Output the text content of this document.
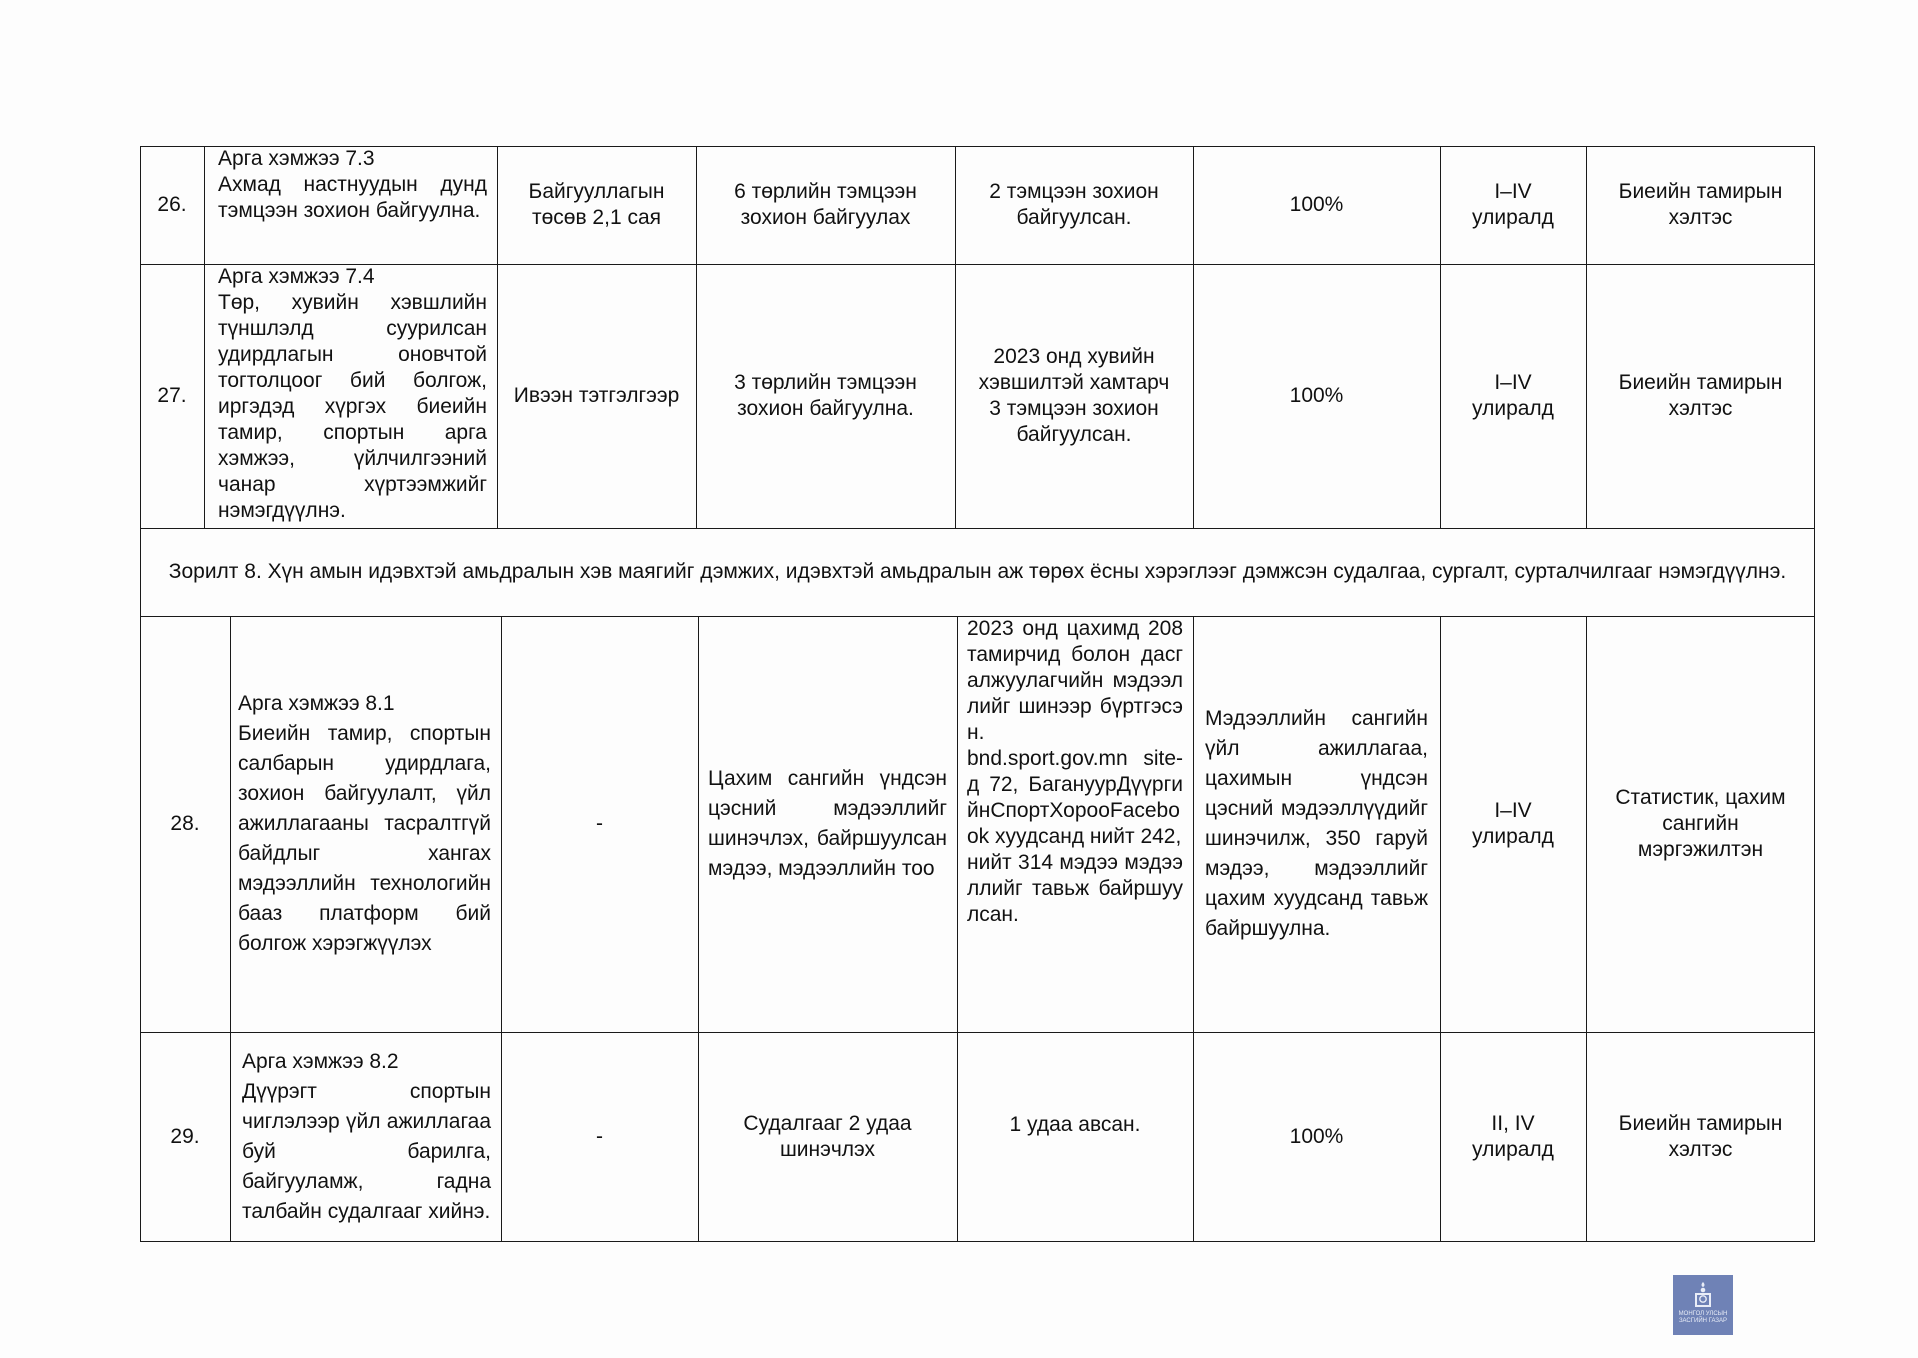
26.
Арга хэмжээ 7.3
Ахмад настнуудын дунд тэмцээн зохион байгуулна.
Байгууллагын төсөв 2,1 сая
6 төрлийн тэмцээн зохион байгуулах
2 тэмцээн зохион байгуулсан.
100%
I–IV
улиралд
Биеийн тамирын хэлтэс
27.
Арга хэмжээ 7.4
Төр, хувийн хэвшлийн түншлэлд суурилсан удирдлагын оновчтой тогтолцоог бий болгож, иргэдэд хүргэх биеийн тамир, спортын арга хэмжээ, үйлчилгээний чанар хүртээмжийг нэмэгдүүлнэ.
Ивээн тэтгэлгээр
3 төрлийн тэмцээн зохион байгуулна.
2023 онд хувийн хэвшилтэй хамтарч 3 тэмцээн зохион байгуулсан.
100%
I–IV
улиралд
Биеийн тамирын хэлтэс
Зорилт 8. Хүн амын идэвхтэй амьдралын хэв маягийг дэмжих, идэвхтэй амьдралын аж төрөх ёсны хэрэглээг дэмжсэн судалгаа, сургалт, сурталчилгааг нэмэгдүүлнэ.
28.
Арга хэмжээ 8.1
Биеийн тамир, спортын салбарын удирдлага, зохион байгуулалт, үйл ажиллагааны тасралтгүй байдлыг хангах мэдээллийн технологийн бааз платформ бий болгож хэрэгжүүлэх
-
Цахим сангийн үндсэн цэсний мэдээллийг шинэчлэх, байршуулсан мэдээ, мэдээллийн тоо
2023 онд цахимд 208 тамирчид болон дасгалжуулагчийн мэдээллийг шинээр бүртгэсэн.
bnd.sport.gov.mn site-д 72, БагануурДүүргийнСпортХорооFacebook хуудсанд нийт 242,
нийт 314 мэдээ мэдээллийг тавьж байршуулсан.
Мэдээллийн сангийн үйл ажиллагаа, цахимын үндсэн цэсний мэдээллүүдийг шинэчилж, 350 гаруй мэдээ, мэдээллийг цахим хуудсанд тавьж байршуулна.
I–IV
улиралд
Статистик, цахим сангийн мэргэжилтэн
29.
Арга хэмжээ 8.2
Дүүрэгт спортын чиглэлээр үйл ажиллагаа буй барилга, байгууламж, гадна талбайн судалгааг хийнэ.
-
Судалгааг 2 удаа шинэчлэх
1 удаа авсан.
100%
II, IV
улиралд
Биеийн тамирын хэлтэс
МОНГОЛ УЛСЫН ЗАСГИЙН ГАЗАР
